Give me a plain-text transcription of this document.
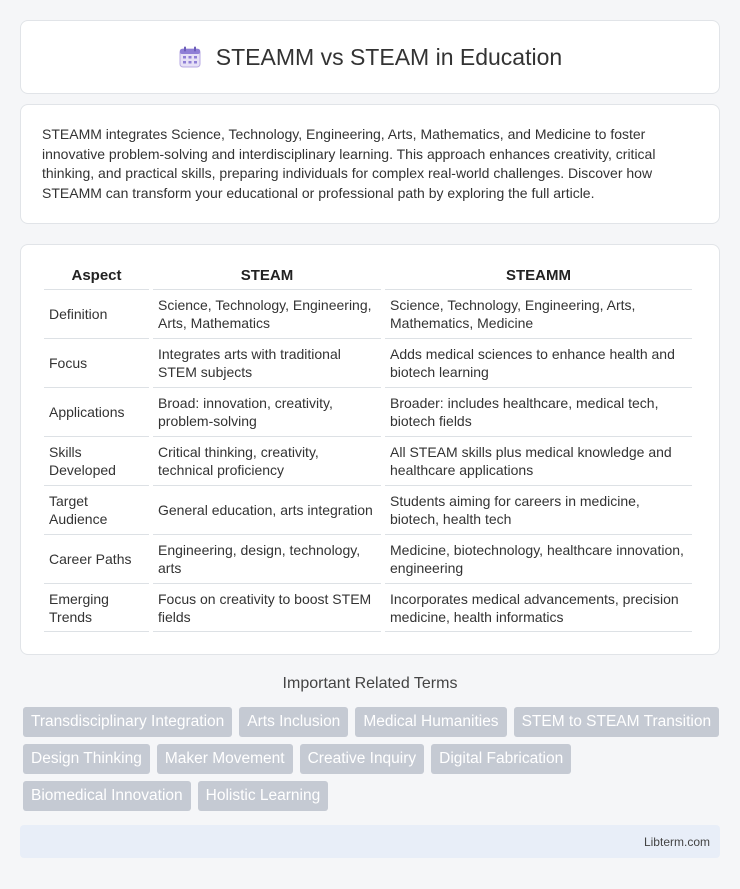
STEAMM vs STEAM in Education

STEAMM integrates Science, Technology, Engineering, Arts, Mathematics, and Medicine to foster innovative problem-solving and interdisciplinary learning. This approach enhances creativity, critical thinking, and practical skills, preparing individuals for complex real-world challenges. Discover how STEAMM can transform your educational or professional path by exploring the full article.

Aspect	STEAM	STEAMM
Definition	Science, Technology, Engineering, Arts, Mathematics	Science, Technology, Engineering, Arts, Mathematics, Medicine
Focus	Integrates arts with traditional STEM subjects	Adds medical sciences to enhance health and biotech learning
Applications	Broad: innovation, creativity, problem-solving	Broader: includes healthcare, medical tech, biotech fields
Skills Developed	Critical thinking, creativity, technical proficiency	All STEAM skills plus medical knowledge and healthcare applications
Target Audience	General education, arts integration	Students aiming for careers in medicine, biotech, health tech
Career Paths	Engineering, design, technology, arts	Medicine, biotechnology, healthcare innovation, engineering
Emerging Trends	Focus on creativity to boost STEM fields	Incorporates medical advancements, precision medicine, health informatics
Important Related Terms
Transdisciplinary Integration	Arts Inclusion	Medical Humanities	STEM to STEAM Transition
Design Thinking	Maker Movement	Creative Inquiry	Digital Fabrication
Biomedical Innovation	Holistic Learning
Libterm.com
